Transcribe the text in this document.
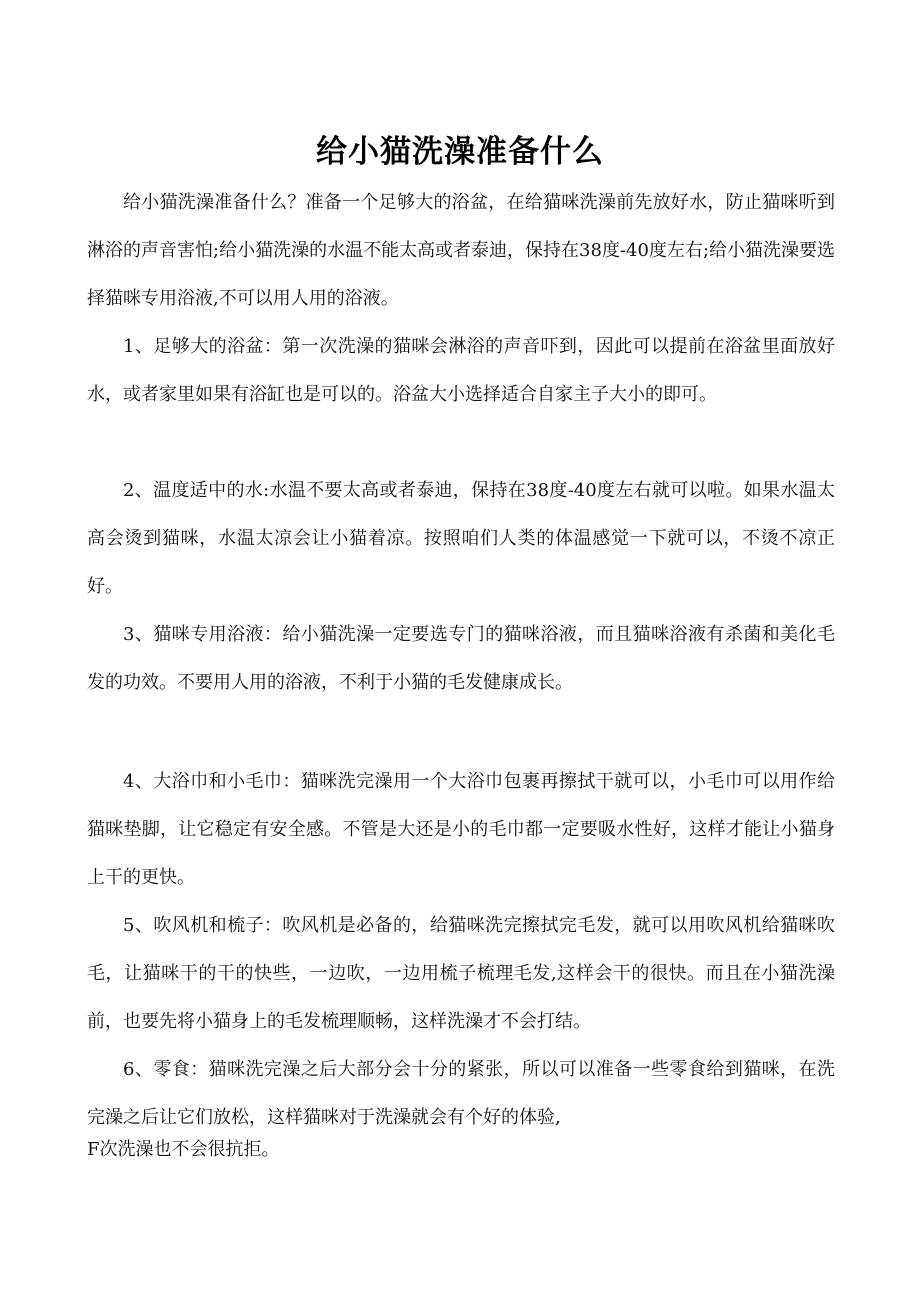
给小猫洗澡准备什么

给小猫洗澡准备什么？准备一个足够大的浴盆，在给猫咪洗澡前先放好水，防止猫咪听到淋浴的声音害怕;给小猫洗澡的水温不能太高或者泰迪，保持在38度-40度左右;给小猫洗澡要选择猫咪专用浴液,不可以用人用的浴液。

1、足够大的浴盆：第一次洗澡的猫咪会淋浴的声音吓到，因此可以提前在浴盆里面放好水，或者家里如果有浴缸也是可以的。浴盆大小选择适合自家主子大小的即可。

2、温度适中的水:水温不要太高或者泰迪，保持在38度-40度左右就可以啦。如果水温太高会烫到猫咪，水温太凉会让小猫着凉。按照咱们人类的体温感觉一下就可以，不烫不凉正好。

3、猫咪专用浴液：给小猫洗澡一定要选专门的猫咪浴液，而且猫咪浴液有杀菌和美化毛发的功效。不要用人用的浴液，不利于小猫的毛发健康成长。

4、大浴巾和小毛巾：猫咪洗完澡用一个大浴巾包裹再擦拭干就可以，小毛巾可以用作给猫咪垫脚，让它稳定有安全感。不管是大还是小的毛巾都一定要吸水性好，这样才能让小猫身上干的更快。

5、吹风机和梳子：吹风机是必备的，给猫咪洗完擦拭完毛发，就可以用吹风机给猫咪吹毛，让猫咪干的干的快些，一边吹，一边用梳子梳理毛发,这样会干的很快。而且在小猫洗澡前，也要先将小猫身上的毛发梳理顺畅，这样洗澡才不会打结。

6、零食：猫咪洗完澡之后大部分会十分的紧张，所以可以准备一些零食给到猫咪，在洗完澡之后让它们放松，这样猫咪对于洗澡就会有个好的体验,

F次洗澡也不会很抗拒。
